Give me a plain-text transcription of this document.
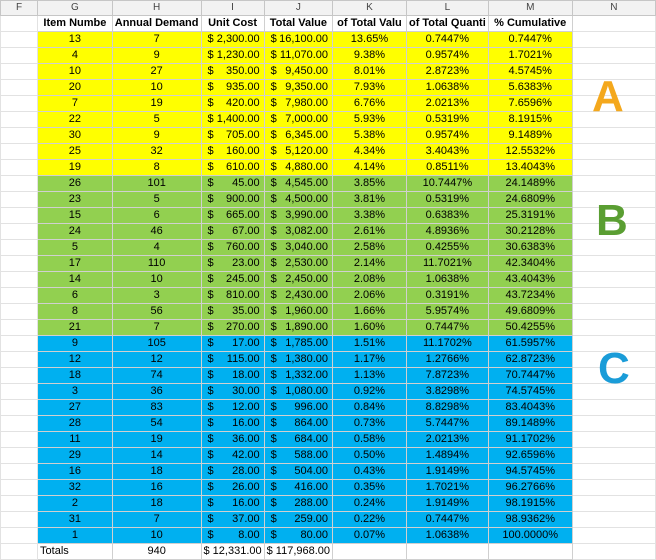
F	G	H	I	J	K	L	M	N
	Item Numbe	Annual Demand	Unit Cost	Total Value	of Total Valu	of Total Quanti	% Cumulative	
	13	7	$ 2,300.00	$ 16,100.00	13.65%	0.7447%	0.7447%	
	4	9	$ 1,230.00	$ 11,070.00	9.38%	0.9574%	1.7021%	
	10	27	$ 350.00	$ 9,450.00	8.01%	2.8723%	4.5745%	
	20	10	$ 935.00	$ 9,350.00	7.93%	1.0638%	5.6383%	
	7	19	$ 420.00	$ 7,980.00	6.76%	2.0213%	7.6596%	
	22	5	$ 1,400.00	$ 7,000.00	5.93%	0.5319%	8.1915%	
	30	9	$ 705.00	$ 6,345.00	5.38%	0.9574%	9.1489%	
	25	32	$ 160.00	$ 5,120.00	4.34%	3.4043%	12.5532%	
	19	8	$ 610.00	$ 4,880.00	4.14%	0.8511%	13.4043%	
	26	101	$ 45.00	$ 4,545.00	3.85%	10.7447%	24.1489%	
	23	5	$ 900.00	$ 4,500.00	3.81%	0.5319%	24.6809%	
	15	6	$ 665.00	$ 3,990.00	3.38%	0.6383%	25.3191%	
	24	46	$ 67.00	$ 3,082.00	2.61%	4.8936%	30.2128%	
	5	4	$ 760.00	$ 3,040.00	2.58%	0.4255%	30.6383%	
	17	110	$ 23.00	$ 2,530.00	2.14%	11.7021%	42.3404%	
	14	10	$ 245.00	$ 2,450.00	2.08%	1.0638%	43.4043%	
	6	3	$ 810.00	$ 2,430.00	2.06%	0.3191%	43.7234%	
	8	56	$ 35.00	$ 1,960.00	1.66%	5.9574%	49.6809%	
	21	7	$ 270.00	$ 1,890.00	1.60%	0.7447%	50.4255%	
	9	105	$ 17.00	$ 1,785.00	1.51%	11.1702%	61.5957%	
	12	12	$ 115.00	$ 1,380.00	1.17%	1.2766%	62.8723%	
	18	74	$ 18.00	$ 1,332.00	1.13%	7.8723%	70.7447%	
	3	36	$ 30.00	$ 1,080.00	0.92%	3.8298%	74.5745%	
	27	83	$ 12.00	$ 996.00	0.84%	8.8298%	83.4043%	
	28	54	$ 16.00	$ 864.00	0.73%	5.7447%	89.1489%	
	11	19	$ 36.00	$ 684.00	0.58%	2.0213%	91.1702%	
	29	14	$ 42.00	$ 588.00	0.50%	1.4894%	92.6596%	
	16	18	$ 28.00	$ 504.00	0.43%	1.9149%	94.5745%	
	32	16	$ 26.00	$ 416.00	0.35%	1.7021%	96.2766%	
	2	18	$ 16.00	$ 288.00	0.24%	1.9149%	98.1915%	
	31	7	$ 37.00	$ 259.00	0.22%	0.7447%	98.9362%	
	1	10	$ 8.00	$ 80.00	0.07%	1.0638%	100.0000%	
	Totals	940	$ 12,331.00	$ 117,968.00				
A
B
C
